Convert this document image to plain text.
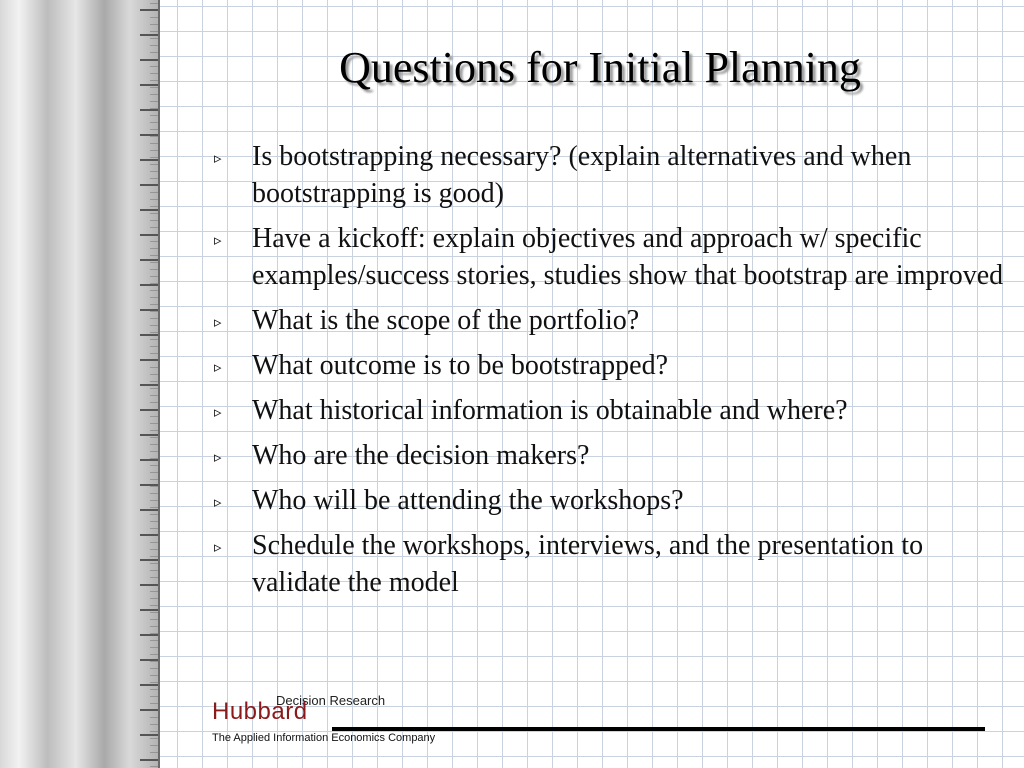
Questions for Initial Planning
▹ Is bootstrapping necessary? (explain alternatives and when bootstrapping is good)
▹ Have a kickoff: explain objectives and approach w/ specific examples/success stories, studies show that bootstrap are improved
▹ What is the scope of the portfolio?
▹ What outcome is to be bootstrapped?
▹ What historical information is obtainable and where?
▹ Who are the decision makers?
▹ Who will be attending the workshops?
▹ Schedule the workshops, interviews, and the presentation to validate the model
Decision Research
Hubbard
The Applied Information Economics Company
